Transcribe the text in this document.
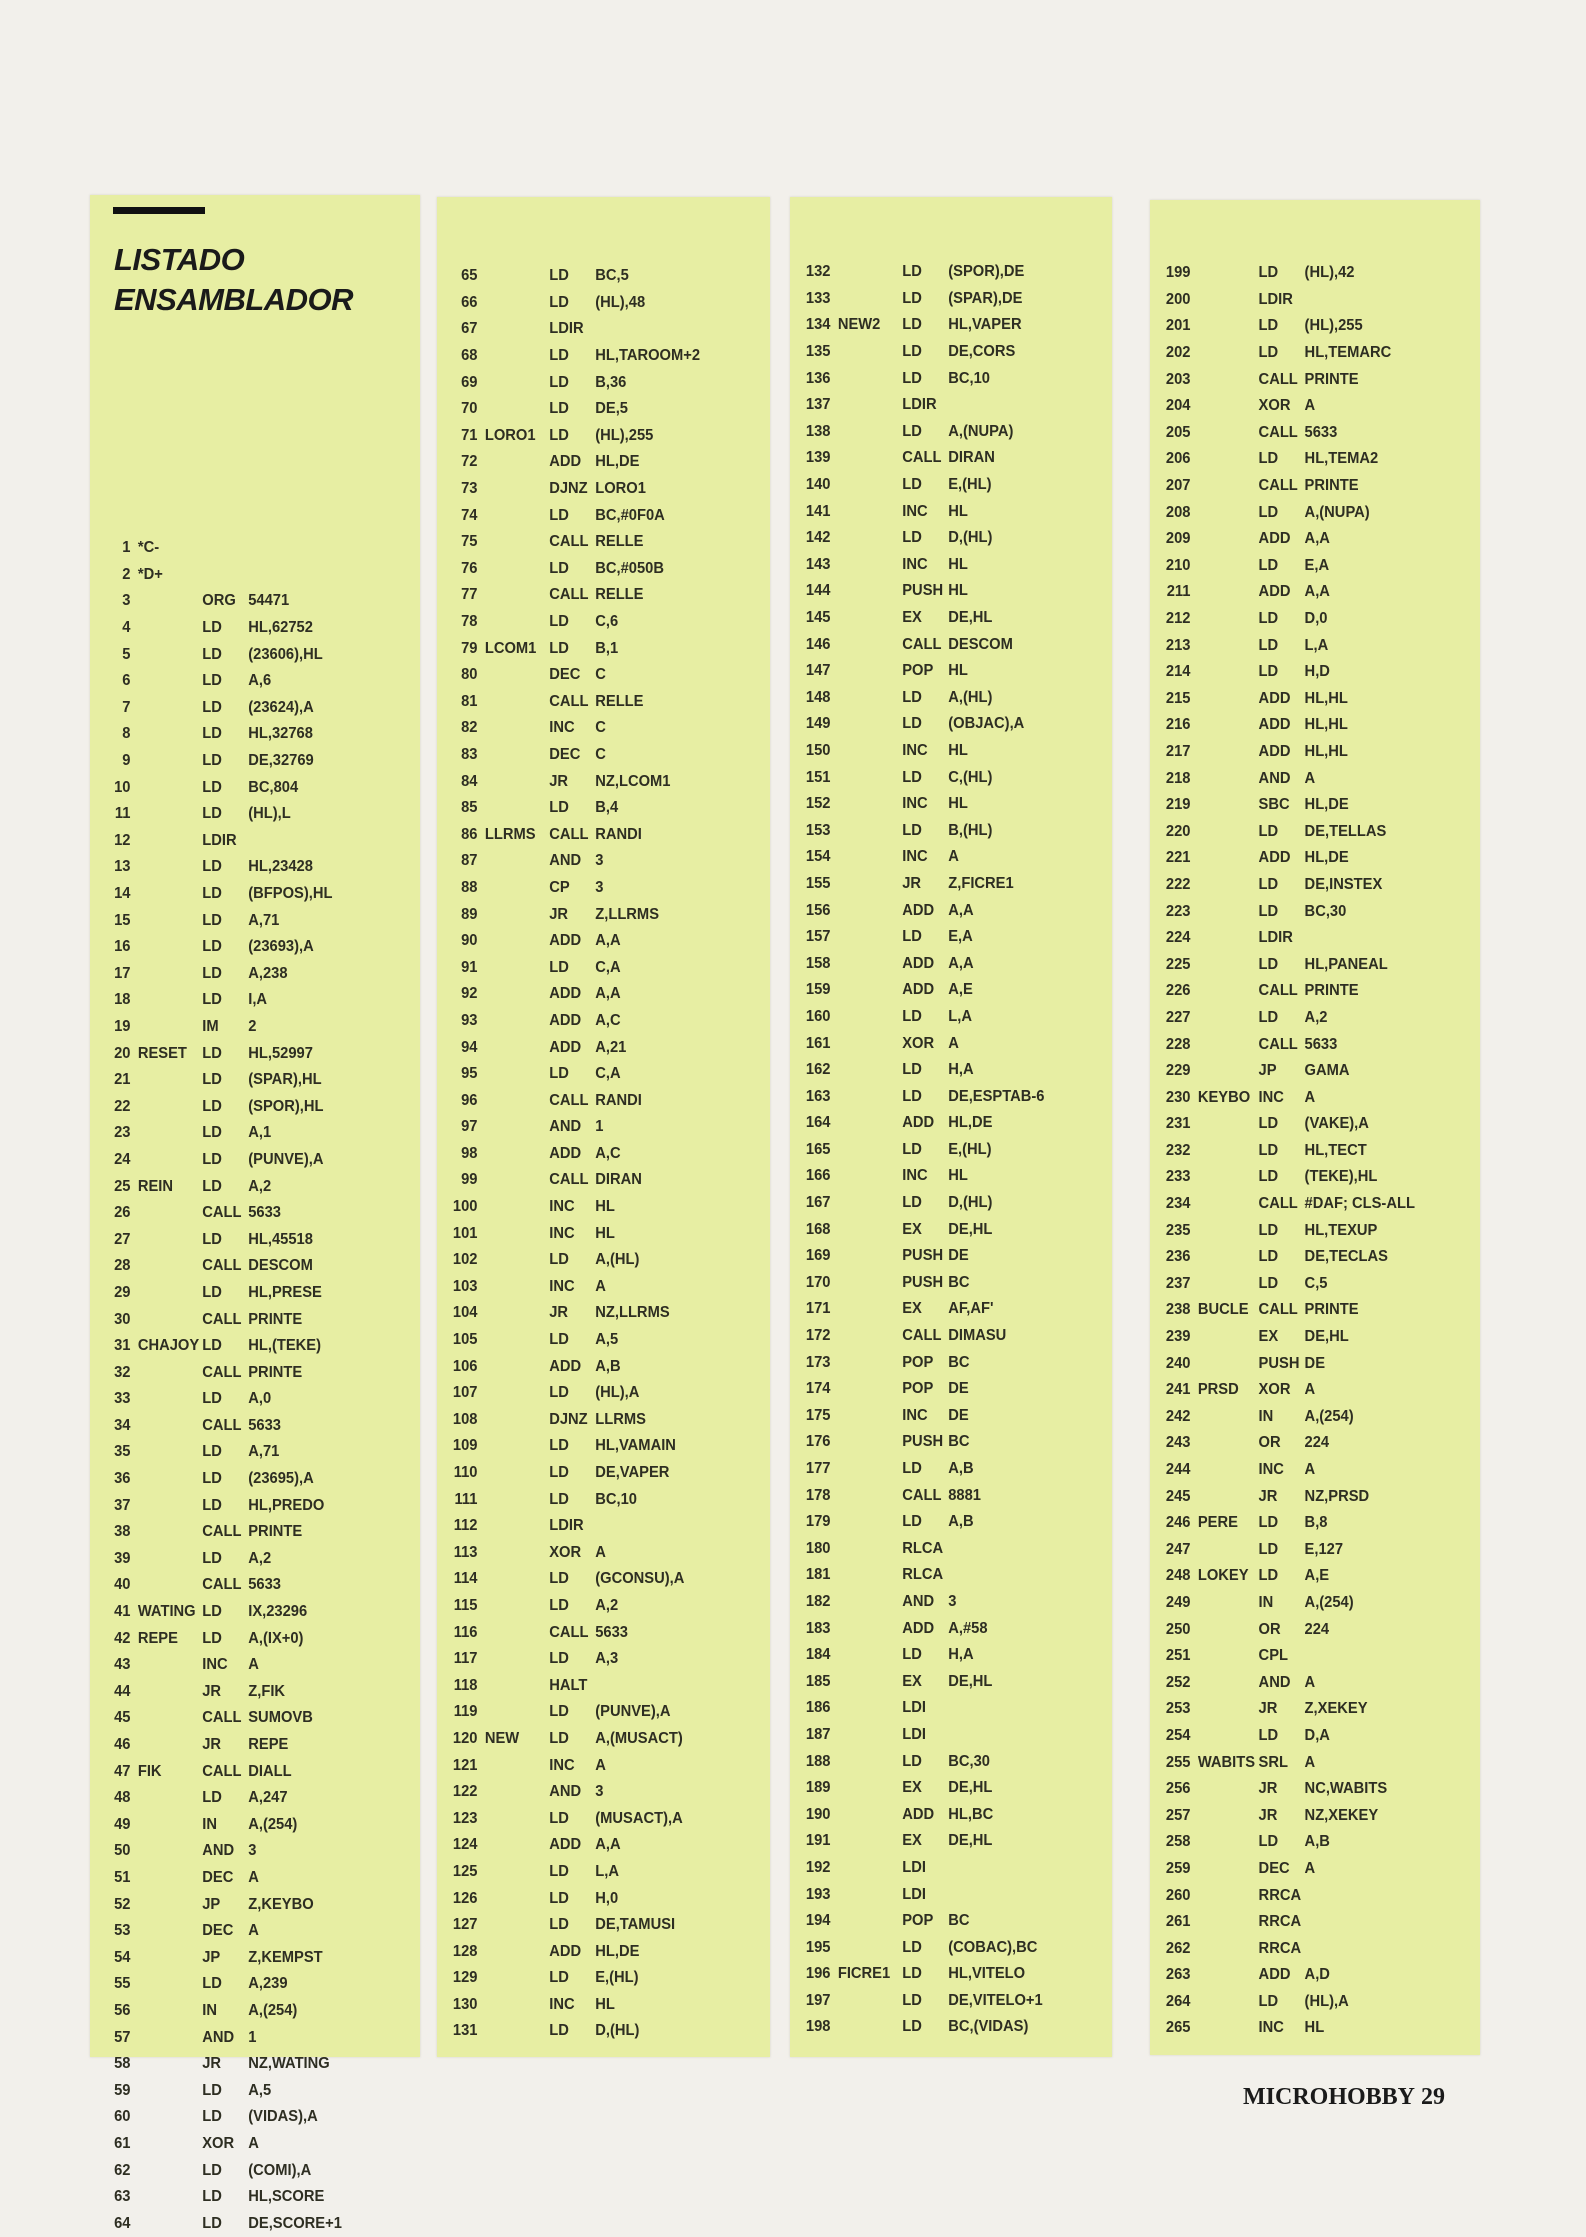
LISTADO
ENSAMBLADOR
1 *C-
2 *D+
3	ORG 54471
4	LD	HL,62752
5	LD	(23606),HL
6	LD	A,6
7	LD	(23624),A
8	LD	HL,32768
9	LD	DE,32769
10	LD	BC,804
11	LD	(HL),L
12	LDIR
13	LD	HL,23428
14	LD	(BFPOS),HL
15	LD	A,71
16	LD	(23693),A
17	LD	A,238
18	LD	I,A
19	IM	2
20 RESET LD	HL,52997
21	LD	(SPAR),HL
22	LD	(SPOR),HL
23	LD	A,1
24	LD	(PUNVE),A
25 REIN	LD	A,2
26	CALL 5633
27	LD	HL,45518
28	CALL DESCOM
29	LD	HL,PRESE
30	CALL PRINTE
31 CHAJOY LD	HL,(TEKE)
32	CALL PRINTE
33	LD	A,0
34	CALL 5633
35	LD	A,71
36	LD	(23695),A
37	LD	HL,PREDO
38	CALL PRINTE
39	LD	A,2
40	CALL 5633
41 WATING LD	IX,23296
42 REPE	LD	A,(IX+0)
43	INC	A
44	JR	Z,FIK
45	CALL SUMOVB
46	JR	REPE
47 FIK	CALL DIALL
48	LD	A,247
49	IN	A,(254)
50	AND 3
51	DEC A
52	JP	Z,KEYBO
53	DEC A
54	JP	Z,KEMPST
55	LD	A,239
56	IN	A,(254)
57	AND 1
58	JR	NZ,WATING
59	LD	A,5
60	LD	(VIDAS),A
61	XOR A
62	LD	(COMI),A
63	LD	HL,SCORE
64	LD	DE,SCORE+1
65	LD	BC,5
66	LD	(HL),48
67	LDIR
68	LD	HL,TAROOM+2
69	LD	B,36
70	LD	DE,5
71 LORO1 LD	(HL),255
72	ADD HL,DE
73	DJNZ LORO1
74	LD	BC,#0F0A
75	CALL RELLE
76	LD	BC,#050B
77	CALL RELLE
78	LD	C,6
79 LCOM1 LD	B,1
80	DEC C
81	CALL RELLE
82	INC	C
83	DEC C
84	JR	NZ,LCOM1
85	LD	B,4
86 LLRMS CALL RANDI
87	AND 3
88	CP	3
89	JR	Z,LLRMS
90	ADD A,A
91	LD	C,A
92	ADD A,A
93	ADD A,C
94	ADD A,21
95	LD	C,A
96	CALL RANDI
97	AND 1
98	ADD A,C
99	CALL DIRAN
100	INC	HL
101	INC	HL
102	LD	A,(HL)
103	INC	A
104	JR	NZ,LLRMS
105	LD	A,5
106	ADD A,B
107	LD	(HL),A
108	DJNZ LLRMS
109	LD	HL,VAMAIN
110	LD	DE,VAPER
111	LD	BC,10
112	LDIR
113	XOR A
114	LD	(GCONSU),A
115	LD	A,2
116	CALL 5633
117	LD	A,3
118	HALT
119	LD	(PUNVE),A
120 NEW	LD	A,(MUSACT)
121	INC	A
122	AND 3
123	LD	(MUSACT),A
124	ADD A,A
125	LD	L,A
126	LD	H,0
127	LD	DE,TAMUSI
128	ADD HL,DE
129	LD	E,(HL)
130	INC	HL
131	LD	D,(HL)
132	LD	(SPOR),DE
133	LD	(SPAR),DE
134 NEW2	LD	HL,VAPER
135	LD	DE,CORS
136	LD	BC,10
137	LDIR
138	LD	A,(NUPA)
139	CALL DIRAN
140	LD	E,(HL)
141	INC	HL
142	LD	D,(HL)
143	INC	HL
144	PUSH HL
145	EX	DE,HL
146	CALL DESCOM
147	POP HL
148	LD	A,(HL)
149	LD	(OBJAC),A
150	INC	HL
151	LD	C,(HL)
152	INC	HL
153	LD	B,(HL)
154	INC	A
155	JR	Z,FICRE1
156	ADD A,A
157	LD	E,A
158	ADD A,A
159	ADD A,E
160	LD	L,A
161	XOR A
162	LD	H,A
163	LD	DE,ESPTAB-6
164	ADD HL,DE
165	LD	E,(HL)
166	INC	HL
167	LD	D,(HL)
168	EX	DE,HL
169	PUSH DE
170	PUSH BC
171	EX	AF,AF'
172	CALL DIMASU
173	POP BC
174	POP DE
175	INC	DE
176	PUSH BC
177	LD	A,B
178	CALL 8881
179	LD	A,B
180	RLCA
181	RLCA
182	AND 3
183	ADD A,#58
184	LD	H,A
185	EX	DE,HL
186	LDI
187	LDI
188	LD	BC,30
189	EX	DE,HL
190	ADD HL,BC
191	EX	DE,HL
192	LDI
193	LDI
194	POP BC
195	LD	(COBAC),BC
196 FICRE1 LD	HL,VITELO
197	LD	DE,VITELO+1
198	LD	BC,(VIDAS)
199	LD	(HL),42
200	LDIR
201	LD	(HL),255
202	LD	HL,TEMARC
203	CALL PRINTE
204	XOR A
205	CALL 5633
206	LD	HL,TEMA2
207	CALL PRINTE
208	LD	A,(NUPA)
209	ADD A,A
210	LD	E,A
211	ADD A,A
212	LD	D,0
213	LD	L,A
214	LD	H,D
215	ADD HL,HL
216	ADD HL,HL
217	ADD HL,HL
218	AND A
219	SBC HL,DE
220	LD	DE,TELLAS
221	ADD HL,DE
222	LD	DE,INSTEX
223	LD	BC,30
224	LDIR
225	LD	HL,PANEAL
226	CALL PRINTE
227	LD	A,2
228	CALL 5633
229	JP	GAMA
230 KEYBO INC	A
231	LD	(VAKE),A
232	LD	HL,TECT
233	LD	(TEKE),HL
234	CALL #DAF; CLS-ALL
235	LD	HL,TEXUP
236	LD	DE,TECLAS
237	LD	C,5
238 BUCLE CALL PRINTE
239	EX	DE,HL
240	PUSH DE
241 PRSD	XOR A
242	IN	A,(254)
243	OR	224
244	INC	A
245	JR	NZ,PRSD
246 PERE	LD	B,8
247	LD	E,127
248 LOKEY LD	A,E
249	IN	A,(254)
250	OR	224
251	CPL
252	AND A
253	JR	Z,XEKEY
254	LD	D,A
255 WABITS SRL	A
256	JR	NC,WABITS
257	JR	NZ,XEKEY
258	LD	A,B
259	DEC A
260	RRCA
261	RRCA
262	RRCA
263	ADD A,D
264	LD	(HL),A
265	INC	HL
MICROHOBBY 29
